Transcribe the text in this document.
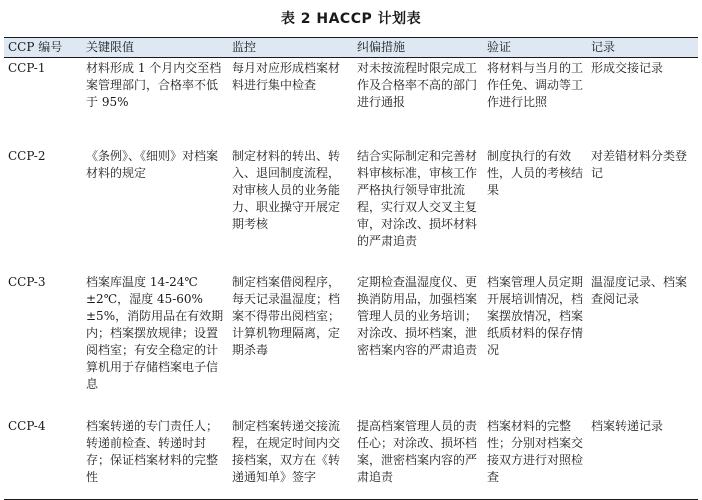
表 2 HACCP 计划表
CCP 编号	关键限值	监控	纠偏措施	验证	记录
CCP-1	材料形成 1 个月内交至档案管理部门，合格率不低于 95%	每月对应形成档案材料进行集中检查	对未按流程时限完成工作及合格率不高的部门进行通报	将材料与当月的工作任免、调动等工作进行比照	形成交接记录
CCP-2	《条例》、《细则》对档案材料的规定	制定材料的转出、转入、退回制度流程，对审核人员的业务能力、职业操守开展定期考核	结合实际制定和完善材料审核标准，审核工作严格执行领导审批流程，实行双人交叉主复审，对涂改、损坏材料的严肃追责	制度执行的有效性，人员的考核结果	对差错材料分类登记
CCP-3	档案库温度 14-24℃ ±2℃，湿度 45-60%±5%，消防用品在有效期内；档案摆放规律；设置阅档室；有安全稳定的计算机用于存储档案电子信息	制定档案借阅程序，每天记录温湿度；档案不得带出阅档室；计算机物理隔离，定期杀毒	定期检查温湿度仪、更换消防用品，加强档案管理人员的业务培训；对涂改、损坏档案，泄密档案内容的严肃追责	档案管理人员定期开展培训情况，档案摆放情况，档案纸质材料的保存情况	温湿度记录、档案查阅记录
CCP-4	档案转递的专门责任人；转递前检查、转递时封存；保证档案材料的完整性	制定档案转递交接流程，在规定时间内交接档案，双方在《转递通知单》签字	提高档案管理人员的责任心；对涂改、损坏档案，泄密档案内容的严肃追责	档案材料的完整性；分别对档案交接双方进行对照检查	档案转递记录
